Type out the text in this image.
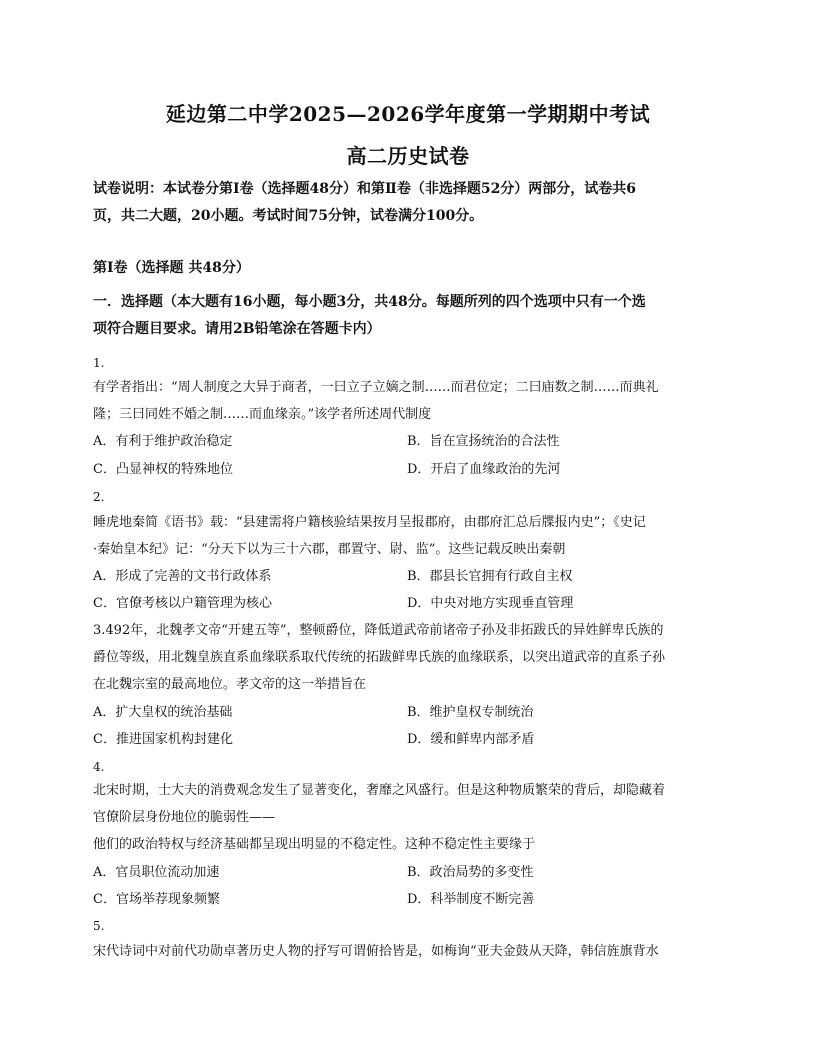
延边第二中学2025—2026学年度第一学期期中考试
高二历史试卷
试卷说明：本试卷分第Ⅰ卷（选择题48分）和第Ⅱ卷（非选择题52分）两部分，试卷共6
页，共二大题，20小题。考试时间75分钟，试卷满分100分。
第Ⅰ卷（选择题 共48分）
一．选择题（本大题有16小题，每小题3分，共48分。每题所列的四个选项中只有一个选
项符合题目要求。请用2B铅笔涂在答题卡内）
1.
有学者指出：“周人制度之大异于商者，一曰立子立嫡之制……而君位定；二曰庙数之制……而典礼
隆；三曰同姓不婚之制……而血缘亲。”该学者所述周代制度
A．有利于维护政治稳定	B．旨在宣扬统治的合法性
C．凸显神权的特殊地位	D．开启了血缘政治的先河
2.
睡虎地秦简《语书》载：“县建需将户籍核验结果按月呈报郡府，由郡府汇总后牒报内史”；《史记
·秦始皇本纪》记：“分天下以为三十六郡，郡置守、尉、监”。这些记载反映出秦朝
A．形成了完善的文书行政体系	B．郡县长官拥有行政自主权
C．官僚考核以户籍管理为核心	D．中央对地方实现垂直管理
3.492年，北魏孝文帝“开建五等”，整顿爵位，降低道武帝前诸帝子孙及非拓跋氏的异姓鲜卑氏族的
爵位等级，用北魏皇族直系血缘联系取代传统的拓跋鲜卑氏族的血缘联系，以突出道武帝的直系子孙
在北魏宗室的最高地位。孝文帝的这一举措旨在
A．扩大皇权的统治基础	B．维护皇权专制统治
C．推进国家机构封建化	D．缓和鲜卑内部矛盾
4.
北宋时期，士大夫的消费观念发生了显著变化，奢靡之风盛行。但是这种物质繁荣的背后，却隐藏着
官僚阶层身份地位的脆弱性——
他们的政治特权与经济基础都呈现出明显的不稳定性。这种不稳定性主要缘于
A．官员职位流动加速	B．政治局势的多变性
C．官场举荐现象频繁	D．科举制度不断完善
5.
宋代诗词中对前代功勋卓著历史人物的抒写可谓俯拾皆是，如梅询“亚夫金鼓从天降，韩信旌旗背水
